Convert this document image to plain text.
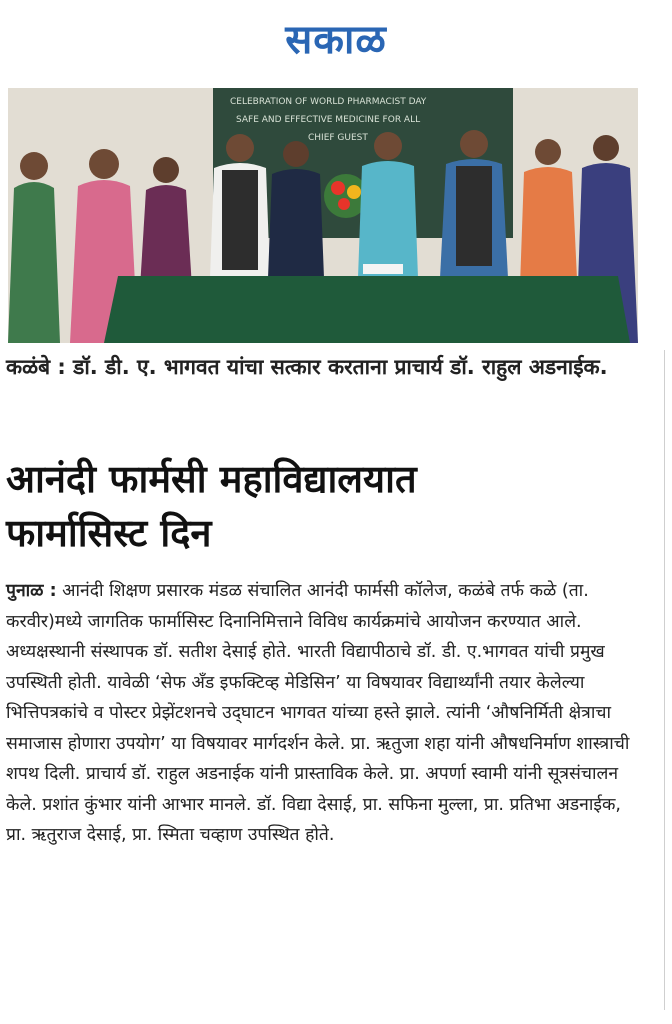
सकाळ
CELEBRATION OF WORLD PHARMACIST DAY
SAFE AND EFFECTIVE MEDICINE FOR ALL
CHIEF GUEST
कळंबे : डॉ. डी. ए. भागवत यांचा सत्कार करताना प्राचार्य डॉ. राहुल अडनाईक.
आनंदी फार्मसी महाविद्यालयात
फार्मासिस्ट दिन
पुनाळ : आनंदी शिक्षण प्रसारक मंडळ संचालित आनंदी फार्मसी कॉलेज, कळंबे तर्फ कळे (ता. करवीर)मध्ये जागतिक फार्मासिस्ट दिनानिमित्ताने विविध कार्यक्रमांचे आयोजन करण्यात आले. अध्यक्षस्थानी संस्थापक डॉ. सतीश देसाई होते. भारती विद्यापीठाचे डॉ. डी. ए.भागवत यांची प्रमुख उपस्थिती होती. यावेळी ‘सेफ अँड इफक्टिव्ह मेडिसिन’ या विषयावर विद्यार्थ्यांनी तयार केलेल्या भित्तिपत्रकांचे व पोस्टर प्रेझेंटशनचे उद्‍घाटन भागवत यांच्या हस्ते झाले. त्यांनी ‘औषनिर्मिती क्षेत्राचा समाजास होणारा उपयोग’ या विषयावर मार्गदर्शन केले. प्रा. ऋतुजा शहा यांनी औषधनिर्माण शास्त्राची शपथ दिली. प्राचार्य डॉ. राहुल अडनाईक यांनी प्रास्ताविक केले. प्रा. अपर्णा स्वामी यांनी सूत्रसंचालन केले. प्रशांत कुंभार यांनी आभार मानले. डॉ. विद्या देसाई, प्रा. सफिना मुल्ला, प्रा. प्रतिभा अडनाईक, प्रा. ऋतुराज देसाई, प्रा. स्मिता चव्हाण उपस्थित होते.
